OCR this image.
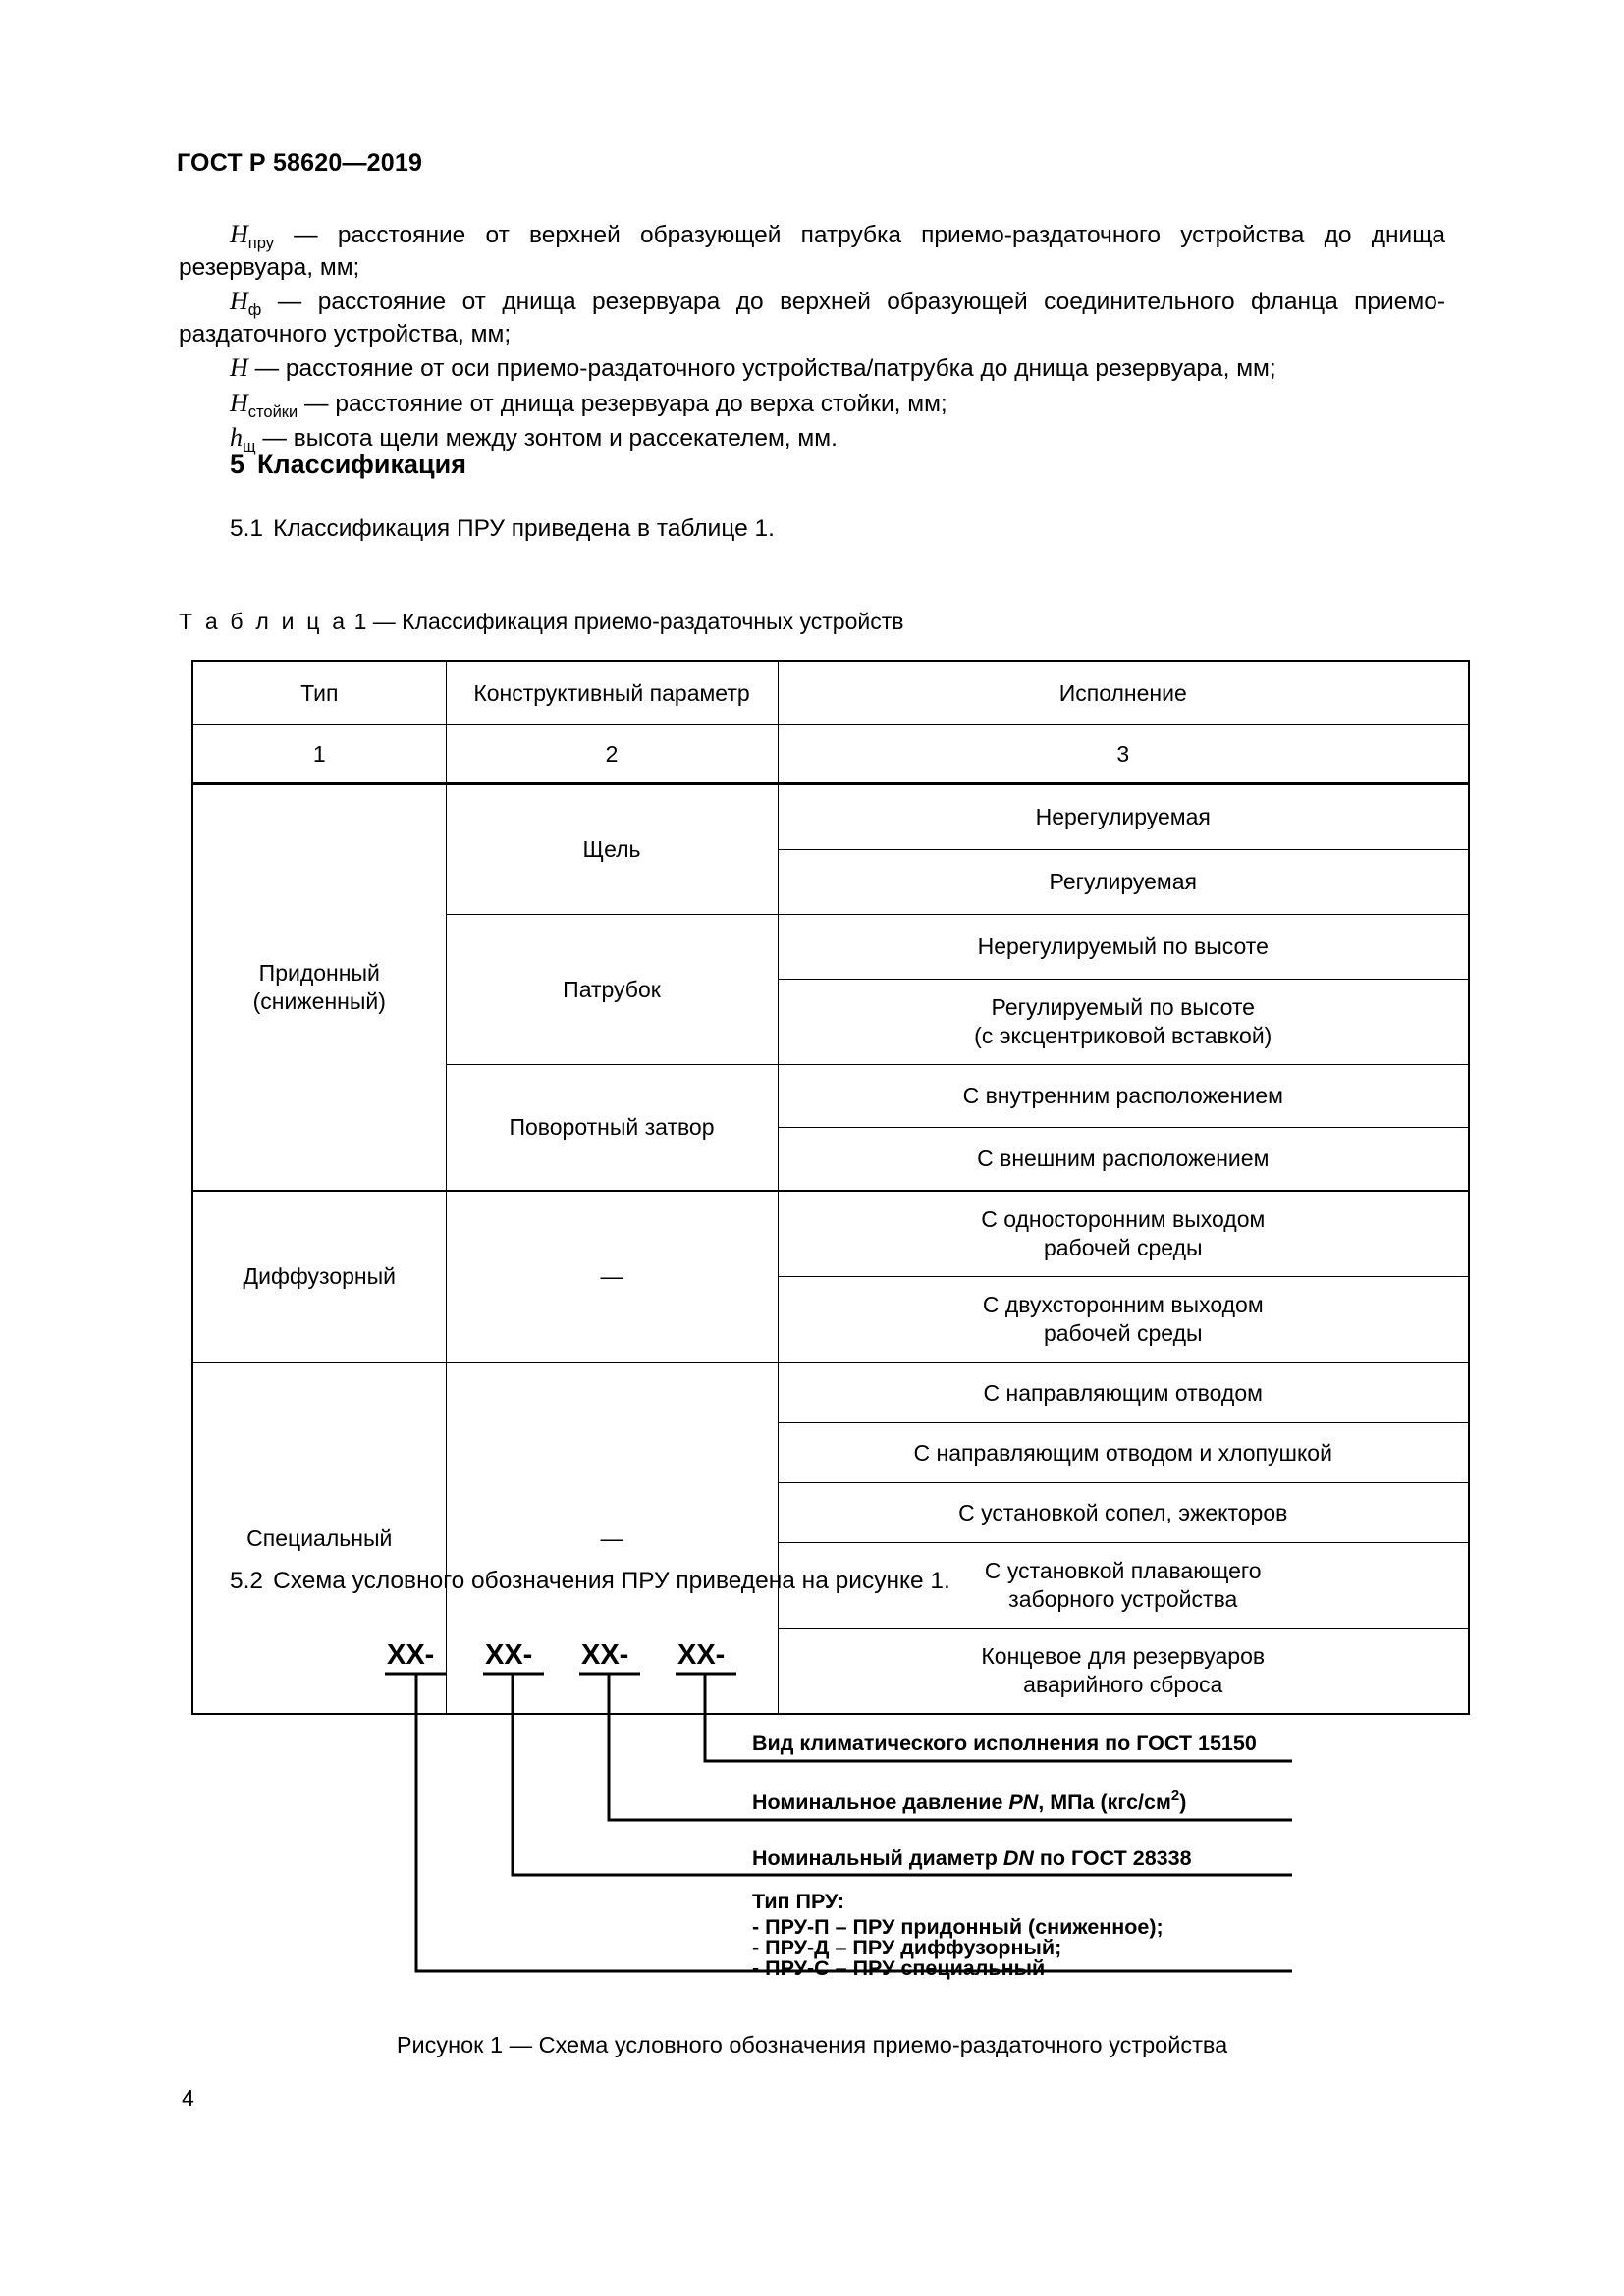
ГОСТ Р 58620—2019

$H_{пру}$ — расстояние от верхней образующей патрубка приемо-раздаточного устройства до днища резервуара, мм;

$H_ф$ — расстояние от днища резервуара до верхней образующей соединительного фланца приемо-раздаточного устройства, мм;

H — расстояние от оси приемо-раздаточного устройства/патрубка до днища резервуара, мм;

$H_{стойки}$ — расстояние от днища резервуара до верха стойки, мм;

$h_щ$ — высота щели между зонтом и рассекателем, мм.

5 Классификация
5.1 Классификация ПРУ приведена в таблице 1.
Т а б л и ц а 1 — Классификация приемо-раздаточных устройств
Тип	Конструктивный параметр	Исполнение
1	2	3
Придонный
(сниженный)	Щель	Нерегулируемая
		Регулируемая
	Патрубок	Нерегулируемый по высоте
		Регулируемый по высоте
(с эксцентриковой вставкой)
	Поворотный затвор	С внутренним расположением
		С внешним расположением
Диффузорный	—	С односторонним выходом
рабочей среды
		С двухсторонним выходом
рабочей среды
Специальный	—	С направляющим отводом
		С направляющим отводом и хлопушкой
		С установкой сопел, эжекторов
		С установкой плавающего
заборного устройства
		Концевое для резервуаров
аварийного сброса
5.2 Схема условного обозначения ПРУ приведена на рисунке 1.
XX- XX- XX- XX-
Вид климатического исполнения по ГОСТ 15150
Номинальное давление PN, МПа $(кгс/см^2)$
Номинальный диаметр DN по ГОСТ 28338
Тип ПРУ:
- ПРУ-П – ПРУ придонный (сниженное);
- ПРУ-Д – ПРУ диффузорный;
- ПРУ-С – ПРУ специальный
Рисунок 1 — Схема условного обозначения приемо-раздаточного устройства
4
